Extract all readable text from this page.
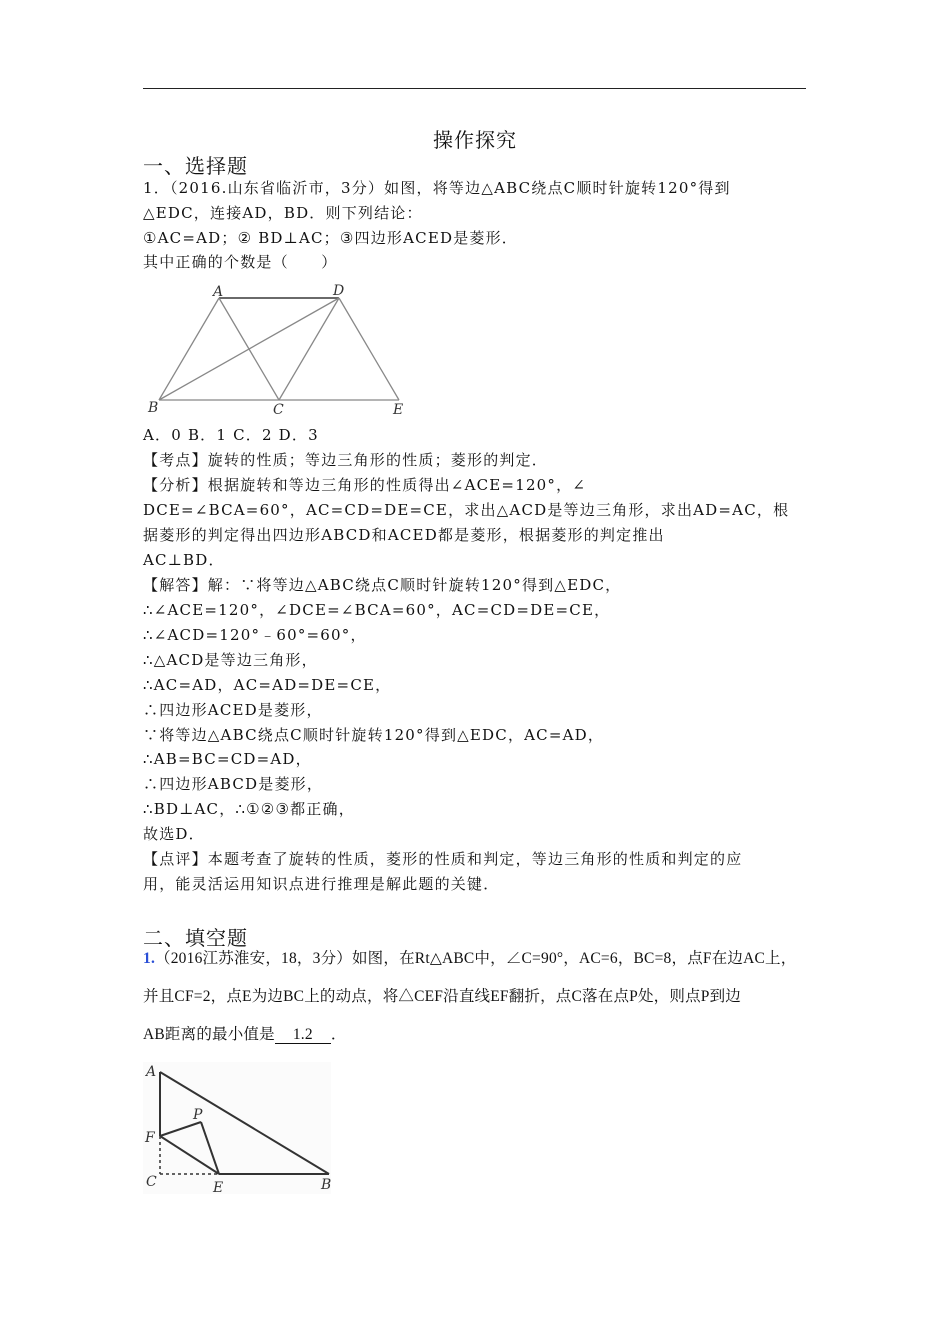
操作探究
一、选择题
1．（2016.山东省临沂市，3分）如图，将等边△ABC绕点C顺时针旋转120°得到
△EDC，连接AD，BD．则下列结论：
①AC=AD；② BD⊥AC；③四边形ACED是菱形．
其中正确的个数是（　　）
A	D
B	C	E
A．0 B．1 C．2 D．3
【考点】旋转的性质；等边三角形的性质；菱形的判定．
【分析】根据旋转和等边三角形的性质得出∠ACE=120°，∠
DCE=∠BCA=60°，AC=CD=DE=CE，求出△ACD是等边三角形，求出AD=AC，根
据菱形的判定得出四边形ABCD和ACED都是菱形，根据菱形的判定推出
AC⊥BD．
【解答】解：∵将等边△ABC绕点C顺时针旋转120°得到△EDC，
∴∠ACE=120°，∠DCE=∠BCA=60°，AC=CD=DE=CE，
∴∠ACD=120°﹣60°=60°，
∴△ACD是等边三角形，
∴AC=AD，AC=AD=DE=CE，
∴四边形ACED是菱形，
∵将等边△ABC绕点C顺时针旋转120°得到△EDC，AC=AD，
∴AB=BC=CD=AD，
∴四边形ABCD是菱形，
∴BD⊥AC，∴①②③都正确，
故选D．
【点评】本题考查了旋转的性质，菱形的性质和判定，等边三角形的性质和判定的应
用，能灵活运用知识点进行推理是解此题的关键．
二、填空题
1.（2016江苏淮安，18，3分）如图，在Rt△ABC中，∠C=90°，AC=6，BC=8，点F在边AC上，
并且CF=2，点E为边BC上的动点，将△CEF沿直线EF翻折，点C落在点P处，则点P到边
AB距离的最小值是 1.2 ．
A
P
F
C	E	B
